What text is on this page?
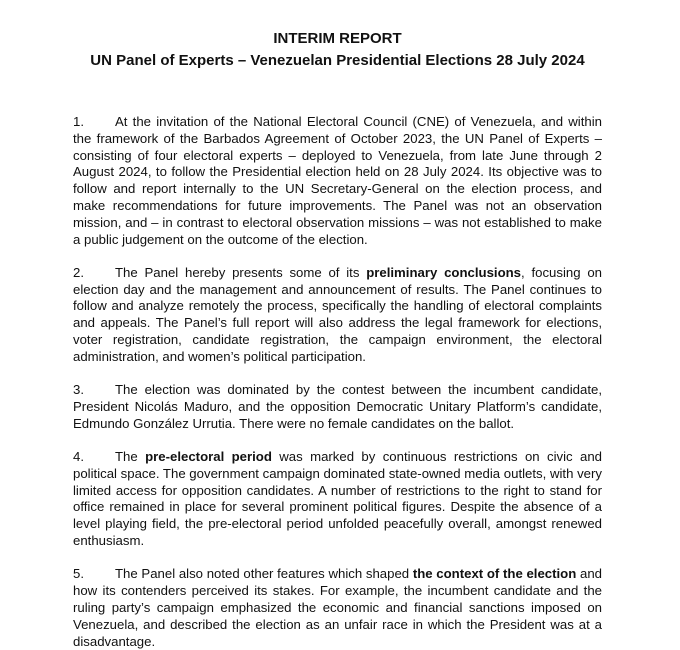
INTERIM REPORT
UN Panel of Experts – Venezuelan Presidential Elections 28 July 2024

1. At the invitation of the National Electoral Council (CNE) of Venezuela, and within the framework of the Barbados Agreement of October 2023, the UN Panel of Experts – consisting of four electoral experts – deployed to Venezuela, from late June through 2 August 2024, to follow the Presidential election held on 28 July 2024. Its objective was to follow and report internally to the UN Secretary-General on the election process, and make recommendations for future improvements. The Panel was not an observation mission, and – in contrast to electoral observation missions – was not established to make a public judgement on the outcome of the election.

2. The Panel hereby presents some of its preliminary conclusions, focusing on election day and the management and announcement of results. The Panel continues to follow and analyze remotely the process, specifically the handling of electoral complaints and appeals. The Panel’s full report will also address the legal framework for elections, voter registration, candidate registration, the campaign environment, the electoral administration, and women’s political participation.

3. The election was dominated by the contest between the incumbent candidate, President Nicolás Maduro, and the opposition Democratic Unitary Platform’s candidate, Edmundo González Urrutia. There were no female candidates on the ballot.

4. The pre-electoral period was marked by continuous restrictions on civic and political space. The government campaign dominated state-owned media outlets, with very limited access for opposition candidates. A number of restrictions to the right to stand for office remained in place for several prominent political figures. Despite the absence of a level playing field, the pre-electoral period unfolded peacefully overall, amongst renewed enthusiasm.

5. The Panel also noted other features which shaped the context of the election and how its contenders perceived its stakes. For example, the incumbent candidate and the ruling party’s campaign emphasized the economic and financial sanctions imposed on Venezuela, and described the election as an unfair race in which the President was at a disadvantage.
